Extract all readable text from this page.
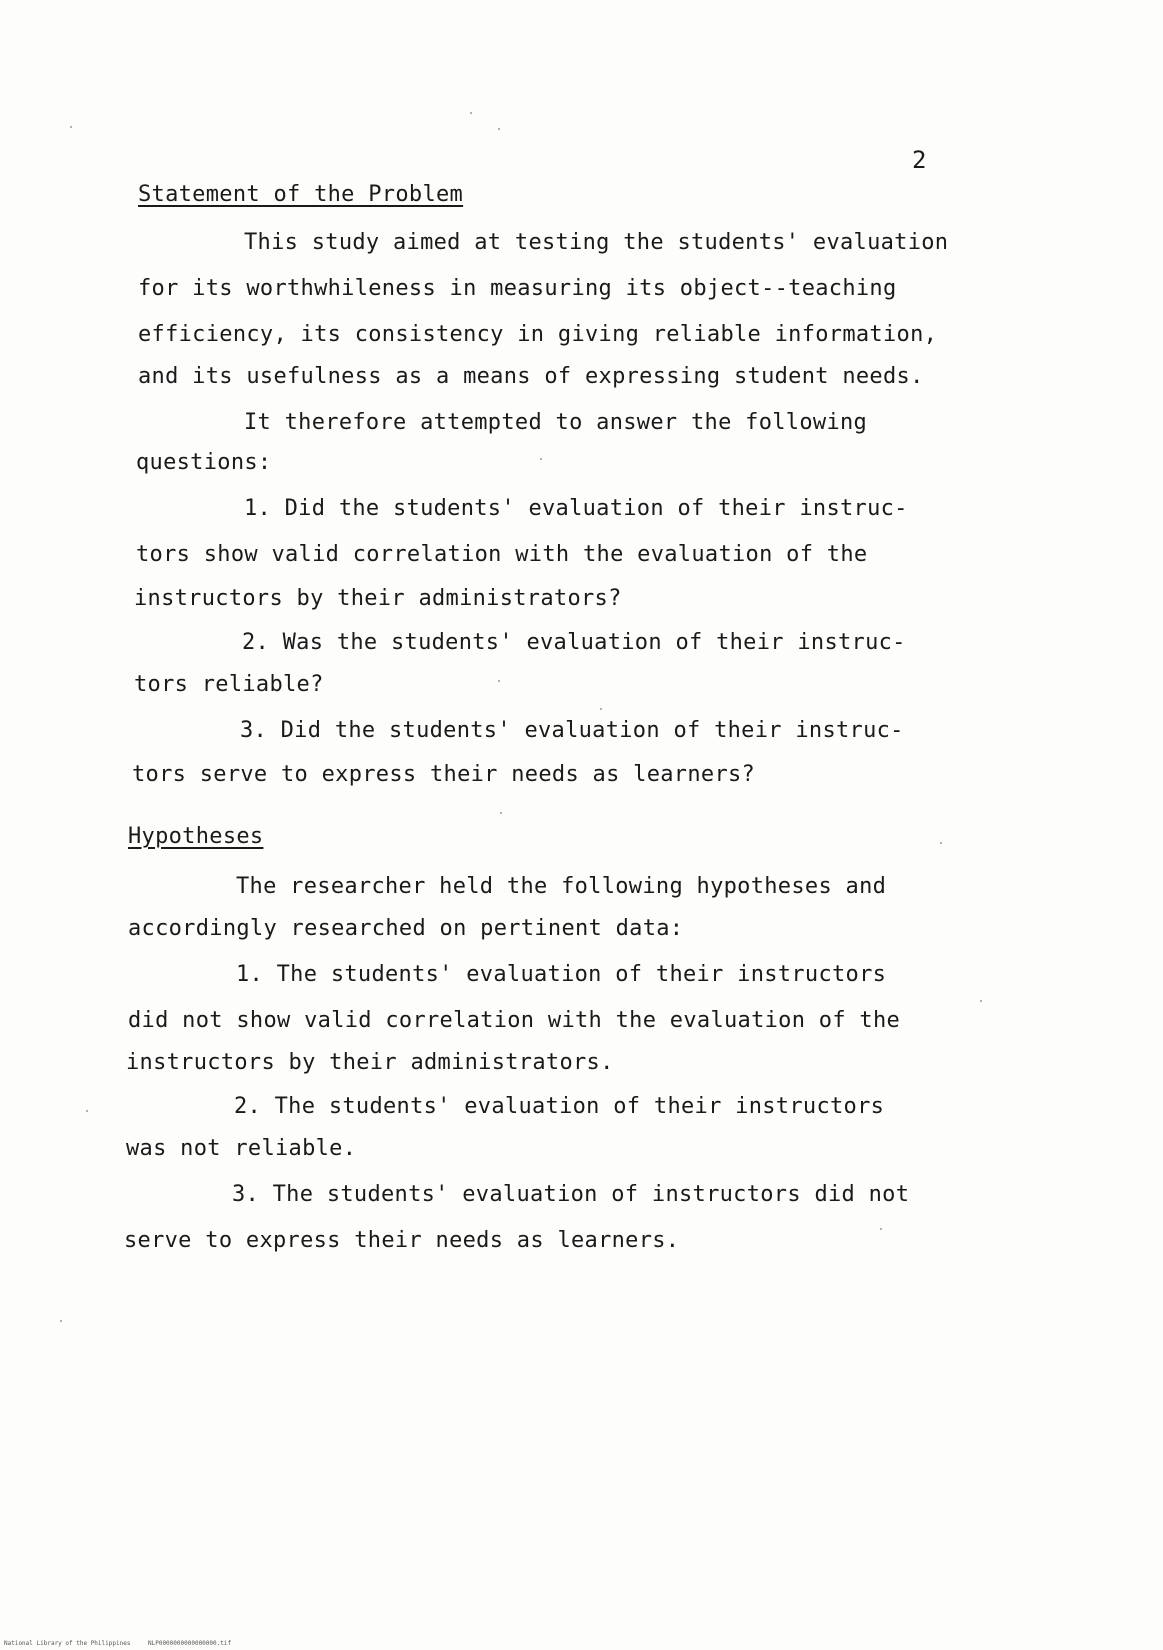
2
Statement of the Problem
This study aimed at testing the students' evaluation
for its worthwhileness in measuring its object--teaching
efficiency, its consistency in giving reliable information,
and its usefulness as a means of expressing student needs.
It therefore attempted to answer the following
questions:
1. Did the students' evaluation of their instruc-
tors show valid correlation with the evaluation of the
instructors by their administrators?
2. Was the students' evaluation of their instruc-
tors reliable?
3. Did the students' evaluation of their instruc-
tors serve to express their needs as learners?
Hypotheses
The researcher held the following hypotheses and
accordingly researched on pertinent data:
1. The students' evaluation of their instructors
did not show valid correlation with the evaluation of the
instructors by their administrators.
2. The students' evaluation of their instructors
was not reliable.
3. The students' evaluation of instructors did not
serve to express their needs as learners.
National Library of the Philippines	NLP0000000000000000.tif
